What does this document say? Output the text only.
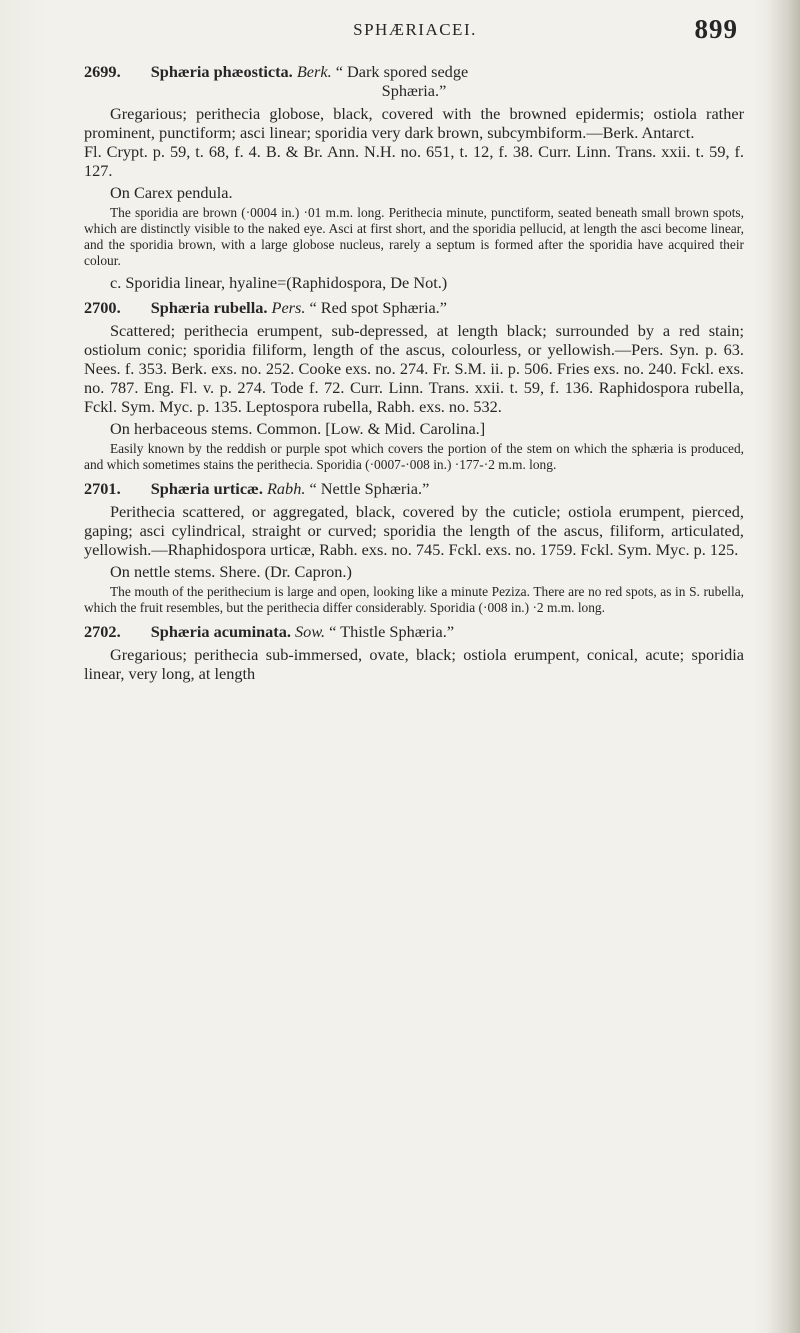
SPHÆRIACEI.	899

2699. Sphæria phæosticta. Berk. “ Dark spored sedge
Sphæria.”

Gregarious; perithecia globose, black, covered with the browned epidermis; ostiola rather prominent, punctiform; asci linear; sporidia very dark brown, subcymbiform.—Berk. Antarct.

Fl. Crypt. p. 59, t. 68, f. 4. B. & Br. Ann. N.H. no. 651, t. 12, f. 38. Curr. Linn. Trans. xxii. t. 59, f. 127.

On Carex pendula.

The sporidia are brown (·0004 in.) ·01 m.m. long. Perithecia minute, punctiform, seated beneath small brown spots, which are distinctly visible to the naked eye. Asci at first short, and the sporidia pellucid, at length the asci become linear, and the sporidia brown, with a large globose nucleus, rarely a septum is formed after the sporidia have acquired their colour.

c. Sporidia linear, hyaline=(Raphidospora, De Not.)

2700. Sphæria rubella. Pers. “ Red spot Sphæria.”

Scattered; perithecia erumpent, sub-depressed, at length black; surrounded by a red stain; ostiolum conic; sporidia filiform, length of the ascus, colourless, or yellowish.—Pers. Syn. p. 63. Nees. f. 353. Berk. exs. no. 252. Cooke exs. no. 274. Fr. S.M. ii. p. 506. Fries exs. no. 240. Fckl. exs. no. 787. Eng. Fl. v. p. 274. Tode f. 72. Curr. Linn. Trans. xxii. t. 59, f. 136. Raphidospora rubella, Fckl. Sym. Myc. p. 135. Leptospora rubella, Rabh. exs. no. 532.

On herbaceous stems. Common. [Low. & Mid. Carolina.]

Easily known by the reddish or purple spot which covers the portion of the stem on which the sphæria is produced, and which sometimes stains the perithecia. Sporidia (·0007-·008 in.) ·177-·2 m.m. long.

2701. Sphæria urticæ. Rabh. “ Nettle Sphæria.”

Perithecia scattered, or aggregated, black, covered by the cuticle; ostiola erumpent, pierced, gaping; asci cylindrical, straight or curved; sporidia the length of the ascus, filiform, articulated, yellowish.—Rhaphidospora urticæ, Rabh. exs. no. 745. Fckl. exs. no. 1759. Fckl. Sym. Myc. p. 125.

On nettle stems. Shere. (Dr. Capron.)

The mouth of the perithecium is large and open, looking like a minute Peziza. There are no red spots, as in S. rubella, which the fruit resembles, but the perithecia differ considerably. Sporidia (·008 in.) ·2 m.m. long.

2702. Sphæria acuminata. Sow. “ Thistle Sphæria.”

Gregarious; perithecia sub-immersed, ovate, black; ostiola erumpent, conical, acute; sporidia linear, very long, at length
